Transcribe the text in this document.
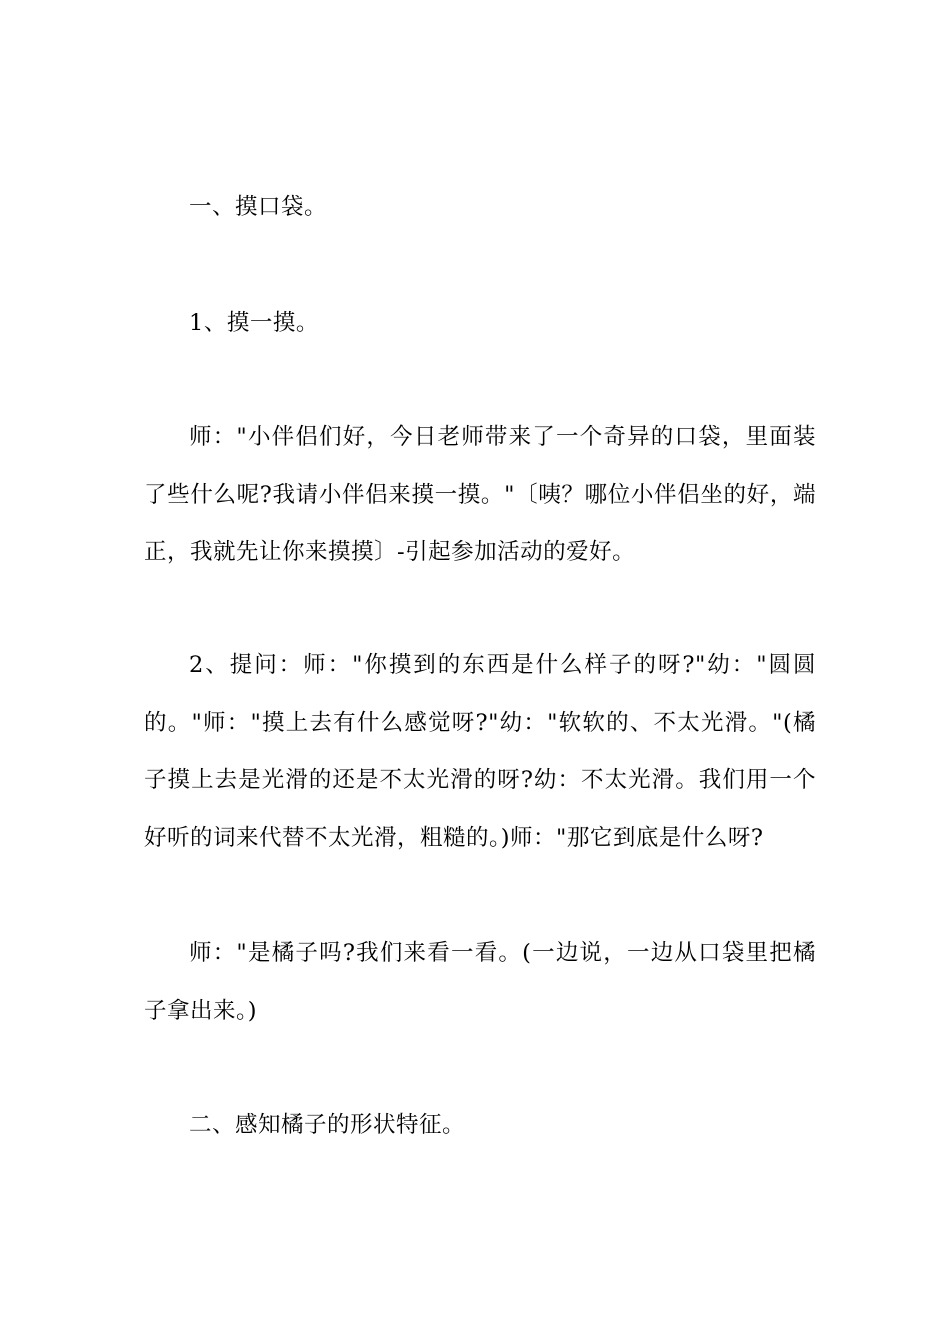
一、摸口袋。

1、摸一摸。

师："小伴侣们好，今日老师带来了一个奇异的口袋，里面装了些什么呢?我请小伴侣来摸一摸。"〔咦？哪位小伴侣坐的好，端正，我就先让你来摸摸〕-引起参加活动的爱好。

2、提问：师："你摸到的东西是什么样子的呀?"幼："圆圆的。"师："摸上去有什么感觉呀?"幼："软软的、不太光滑。"(橘子摸上去是光滑的还是不太光滑的呀?幼：不太光滑。我们用一个好听的词来代替不太光滑，粗糙的。)师："那它到底是什么呀?

师："是橘子吗?我们来看一看。(一边说，一边从口袋里把橘子拿出来。)

二、感知橘子的形状特征。
